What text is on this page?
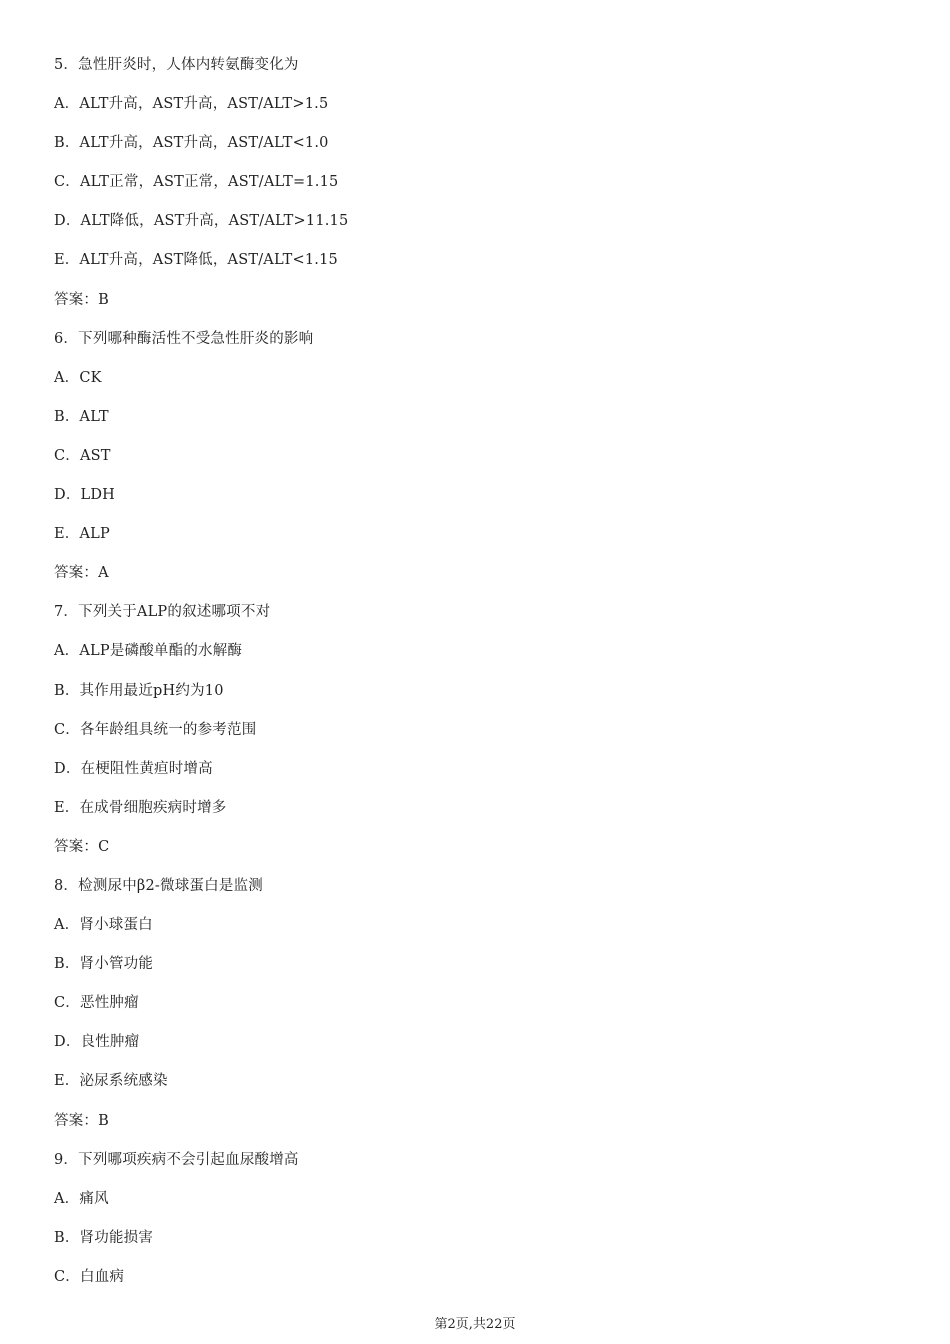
5．急性肝炎时，人体内转氨酶变化为
A．ALT升高，AST升高，AST/ALT>1.5
B．ALT升高，AST升高，AST/ALT<1.0
C．ALT正常，AST正常，AST/ALT=1.15
D．ALT降低，AST升高，AST/ALT>11.15
E．ALT升高，AST降低，AST/ALT<1.15
答案：B
6．下列哪种酶活性不受急性肝炎的影响
A．CK
B．ALT
C．AST
D．LDH
E．ALP
答案：A
7．下列关于ALP的叙述哪项不对
A．ALP是磷酸单酯的水解酶
B．其作用最近pH约为10
C．各年龄组具统一的参考范围
D．在梗阻性黄疸时增高
E．在成骨细胞疾病时增多
答案：C
8．检测尿中β2-微球蛋白是监测
A．肾小球蛋白
B．肾小管功能
C．恶性肿瘤
D．良性肿瘤
E．泌尿系统感染
答案：B
9．下列哪项疾病不会引起血尿酸增高
A．痛风
B．肾功能损害
C．白血病
第2页,共22页
